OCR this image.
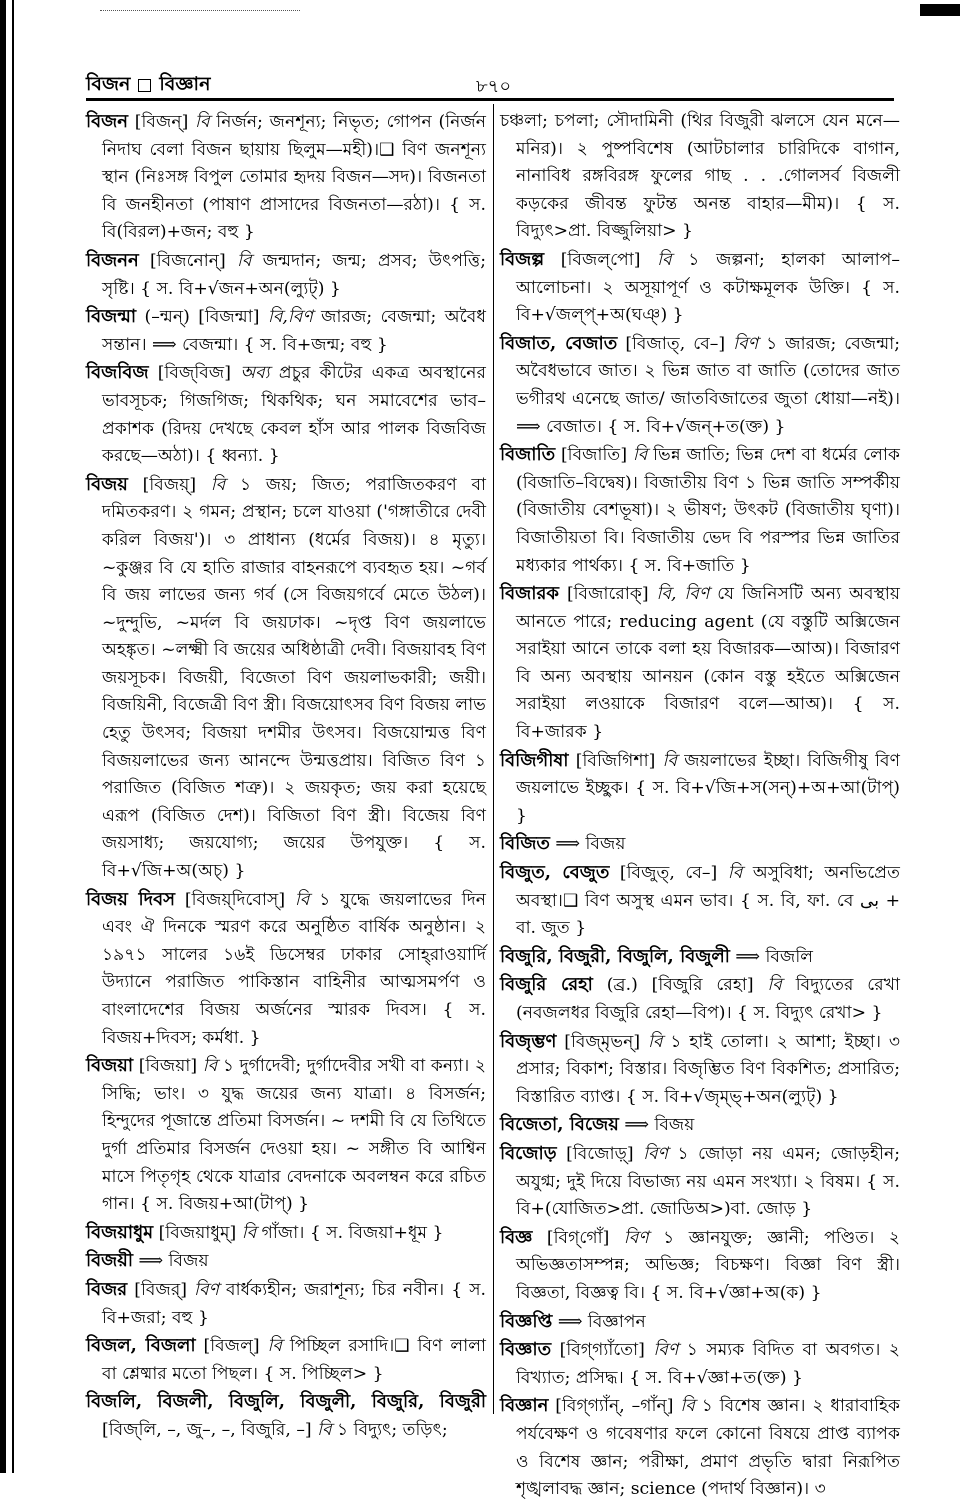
বিজন বিজ্ঞান	৮৭০

বিজন [বিজন্] বি নির্জন; জনশূন্য; নিভৃত; গোপন (নির্জন নিদাঘ বেলা বিজন ছায়ায় ছিলুম—মহী)।❑ বিণ জনশূন্য স্থান (নিঃসঙ্গ বিপুল তোমার হৃদয় বিজন—সদ)। বিজনতা বি জনহীনতা (পাষাণ প্রাসাদের বিজনতা—রঠা)। { স. বি(বিরল)+জন; বহু }

বিজনন [বিজনোন্] বি জন্মদান; জন্ম; প্রসব; উৎপত্তি; সৃষ্টি। { স. বি+√জন+অন(ল্যুট্) }

বিজন্মা (–ন্মন্) [বিজন্মা] বি,বিণ জারজ; বেজন্মা; অবৈধ সন্তান। ⟹ বেজন্মা। { স. বি+জন্ম; বহু }

বিজবিজ [বিজ্‌বিজ] অব্য প্রচুর কীটের একত্র অবস্থানের ভাবসূচক; গিজগিজ; থিকথিক; ঘন সমাবেশের ভাব–প্রকাশক (রিদয় দেখছে কেবল হাঁস আর পালক বিজবিজ করছে—অঠা)। { ধ্বন্যা. }

বিজয় [বিজয়্] বি ১ জয়; জিত; পরাজিতকরণ বা দমিতকরণ। ২ গমন; প্রস্থান; চলে যাওয়া ('গঙ্গাতীরে দেবী করিল বিজয়')। ৩ প্রাধান্য (ধর্মের বিজয়)। ৪ মৃত্যু। ~কুঞ্জর বি যে হাতি রাজার বাহনরূপে ব্যবহৃত হয়। ~গর্ব বি জয় লাভের জন্য গর্ব (সে বিজয়গর্বে মেতে উঠল)। ~দুন্দুভি, ~মর্দল বি জয়ঢাক। ~দৃপ্ত বিণ জয়লাভে অহঙ্কৃত। ~লক্ষ্মী বি জয়ের অধিষ্ঠাত্রী দেবী। বিজয়াবহ বিণ জয়সূচক। বিজয়ী, বিজেতা বিণ জয়লাভকারী; জয়ী। বিজয়িনী, বিজেত্রী বিণ স্ত্রী। বিজয়োৎসব বিণ বিজয় লাভ হেতু উৎসব; বিজয়া দশমীর উৎসব। বিজয়োন্মত্ত বিণ বিজয়লাভের জন্য আনন্দে উন্মত্তপ্রায়। বিজিত বিণ ১ পরাজিত (বিজিত শত্রু)। ২ জয়কৃত; জয় করা হয়েছে এরূপ (বিজিত দেশ)। বিজিতা বিণ স্ত্রী। বিজেয় বিণ জয়সাধ্য; জয়যোগ্য; জয়ের উপযুক্ত। { স. বি+√জি+অ(অচ্) }

বিজয় দিবস [বিজয়্‌দিবোস্] বি ১ যুদ্ধে জয়লাভের দিন এবং ঐ দিনকে স্মরণ করে অনুষ্ঠিত বার্ষিক অনুষ্ঠান। ২ ১৯৭১ সালের ১৬ই ডিসেম্বর ঢাকার সোহ্‌রাওয়ার্দি উদ্যানে পরাজিত পাকিস্তান বাহিনীর আত্মসমর্পণ ও বাংলাদেশের বিজয় অর্জনের স্মারক দিবস। { স. বিজয়+দিবস; কর্মধা. }

বিজয়া [বিজয়া] বি ১ দুর্গাদেবী; দুর্গাদেবীর সখী বা কন্যা। ২ সিদ্ধি; ভাং। ৩ যুদ্ধ জয়ের জন্য যাত্রা। ৪ বিসর্জন; হিন্দুদের পূজান্তে প্রতিমা বিসর্জন। ~ দশমী বি যে তিথিতে দুর্গা প্রতিমার বিসর্জন দেওয়া হয়। ~ সঙ্গীত বি আশ্বিন মাসে পিতৃগৃহ থেকে যাত্রার বেদনাকে অবলম্বন করে রচিত গান। { স. বিজয়+আ(টাপ্) }

বিজয়াধুম [বিজয়াধুম্] বি গাঁজা। { স. বিজয়া+ধূম }

বিজয়ী ⟹ বিজয়

বিজর [বিজর্] বিণ বার্ধক্যহীন; জরাশূন্য; চির নবীন। { স. বি+জরা; বহু }

বিজল, বিজলা [বিজল্] বি পিচ্ছিল রসাদি।❑ বিণ লালা বা শ্লেষ্মার মতো পিছল। { স. পিচ্ছিল> }

বিজলি, বিজলী, বিজুলি, বিজুলী, বিজুরি, বিজুরী [বিজ্‌লি, –, জু–, –, বিজুরি, –] বি ১ বিদ্যুৎ; তড়িৎ;

চঞ্চলা; চপলা; সৌদামিনী (থির বিজুরী ঝলসে যেন মনে—মনির)। ২ পুষ্পবিশেষ (আটচালার চারিদিকে বাগান, নানাবিধ রঙ্গবিরঙ্গ ফুলের গাছ . . .গোলসর্ব বিজলী কড়কের জীবন্ত ফুটন্ত অনন্ত বাহার—মীম)। { স. বিদ্যুৎ>প্রা. বিজ্জুলিয়া> }

বিজল্প [বিজল্‌পো] বি ১ জল্পনা; হালকা আলাপ–আলোচনা। ২ অসূয়াপূর্ণ ও কটাক্ষমূলক উক্তি। { স. বি+√জল্প্+অ(ঘঞ্) }

বিজাত, বেজাত [বিজাত্, বে–] বিণ ১ জারজ; বেজন্মা; অবৈধভাবে জাত। ২ ভিন্ন জাত বা জাতি (তোদের জাত ভগীরথ এনেছে জাত/ জাতবিজাতের জুতা ধোয়া—নই)। ⟹ বেজাত। { স. বি+√জন্+ত(ক্ত) }

বিজাতি [বিজাতি] বি ভিন্ন জাতি; ভিন্ন দেশ বা ধর্মের লোক (বিজাতি–বিদ্বেষ)। বিজাতীয় বিণ ১ ভিন্ন জাতি সম্পর্কীয় (বিজাতীয় বেশভূষা)। ২ ভীষণ; উৎকট (বিজাতীয় ঘৃণা)। বিজাতীয়তা বি। বিজাতীয় ভেদ বি পরস্পর ভিন্ন জাতির মধ্যকার পার্থক্য। { স. বি+জাতি }

বিজারক [বিজারোক্] বি, বিণ যে জিনিসটি অন্য অবস্থায় আনতে পারে; reducing agent (যে বস্তুটি অক্সিজেন সরাইয়া আনে তাকে বলা হয় বিজারক—আঅ)। বিজারণ বি অন্য অবস্থায় আনয়ন (কোন বস্তু হইতে অক্সিজেন সরাইয়া লওয়াকে বিজারণ বলে—আঅ)। { স. বি+জারক }

বিজিগীষা [বিজিগিশা] বি জয়লাভের ইচ্ছা। বিজিগীষু বিণ জয়লাভে ইচ্ছুক। { স. বি+√জি+স(সন্)+অ+আ(টাপ্) }

বিজিত ⟹ বিজয়

বিজুত, বেজুত [বিজুত্, বে–] বি অসুবিধা; অনভিপ্রেত অবস্থা।❑ বিণ অসুস্থ এমন ভাব। { স. বি, ফা. বে بی + বা. জুত }

বিজুরি, বিজুরী, বিজুলি, বিজুলী ⟹ বিজলি

বিজুরি রেহা (ব্র.) [বিজুরি রেহা] বি বিদ্যুতের রেখা (নবজলধর বিজুরি রেহা—বিপ)। { স. বিদ্যুৎ রেখা> }

বিজৃম্ভণ [বিজ্‌মৃভন্] বি ১ হাই তোলা। ২ আশা; ইচ্ছা। ৩ প্রসার; বিকাশ; বিস্তার। বিজৃম্ভিত বিণ বিকশিত; প্রসারিত; বিস্তারিত ব্যাপ্ত। { স. বি+√জৃম্ভ্+অন(ল্যুট্) }

বিজেতা, বিজেয় ⟹ বিজয়

বিজোড় [বিজোড়্] বিণ ১ জোড়া নয় এমন; জোড়হীন; অযুগ্ম; দুই দিয়ে বিভাজ্য নয় এমন সংখ্যা। ২ বিষম। { স. বি+(যোজিত>প্রা. জোডিঅ>)বা. জোড় }

বিজ্ঞ [বিগ্‌গোঁ] বিণ ১ জ্ঞানযুক্ত; জ্ঞানী; পণ্ডিত। ২ অভিজ্ঞতাসম্পন্ন; অভিজ্ঞ; বিচক্ষণ। বিজ্ঞা বিণ স্ত্রী। বিজ্ঞতা, বিজ্ঞত্ব বি। { স. বি+√জ্ঞা+অ(ক) }

বিজ্ঞপ্তি ⟹ বিজ্ঞাপন

বিজ্ঞাত [বিগ্‌গ্যাঁতো] বিণ ১ সম্যক বিদিত বা অবগত। ২ বিখ্যাত; প্রসিদ্ধ। { স. বি+√জ্ঞা+ত(ক্ত) }

বিজ্ঞান [বিগ্‌গ্যাঁন্, –গাঁন্] বি ১ বিশেষ জ্ঞান। ২ ধারাবাহিক পর্যবেক্ষণ ও গবেষণার ফলে কোনো বিষয়ে প্রাপ্ত ব্যাপক ও বিশেষ জ্ঞান; পরীক্ষা, প্রমাণ প্রভৃতি দ্বারা নিরূপিত শৃঙ্খলাবদ্ধ জ্ঞান; science (পদার্থ বিজ্ঞান)। ৩
